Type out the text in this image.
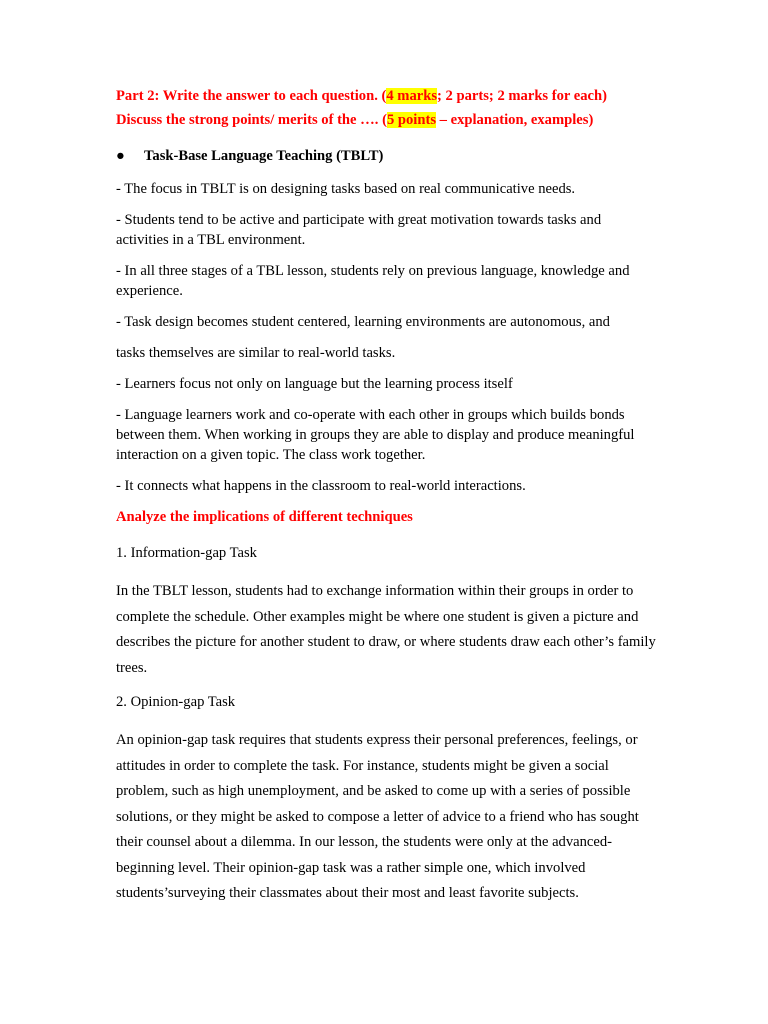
Part 2: Write the answer to each question. (4 marks; 2 parts; 2 marks for each)

Discuss the strong points/ merits of the …. (5 points – explanation, examples)

●	Task-Base Language Teaching (TBLT)

- The focus in TBLT is on designing tasks based on real communicative needs.

- Students tend to be active and participate with great motivation towards tasks and activities in a TBL environment.

- In all three stages of a TBL lesson, students rely on previous language, knowledge and experience.

- Task design becomes student centered, learning environments are autonomous, and

tasks themselves are similar to real-world tasks.

- Learners focus not only on language but the learning process itself

- Language learners work and co-operate with each other in groups which builds bonds between them. When working in groups they are able to display and produce meaningful interaction on a given topic. The class work together.

- It connects what happens in the classroom to real-world interactions.

Analyze the implications of different techniques

1. Information-gap Task

In the TBLT lesson, students had to exchange information within their groups in order to complete the schedule. Other examples might be where one student is given a picture and describes the picture for another student to draw, or where students draw each other’s family trees.

2. Opinion-gap Task

An opinion-gap task requires that students express their personal preferences, feelings, or attitudes in order to complete the task. For instance, students might be given a social problem, such as high unemployment, and be asked to come up with a series of possible solutions, or they might be asked to compose a letter of advice to a friend who has sought their counsel about a dilemma. In our lesson, the students were only at the advanced-beginning level. Their opinion-gap task was a rather simple one, which involved students’surveying their classmates about their most and least favorite subjects.
